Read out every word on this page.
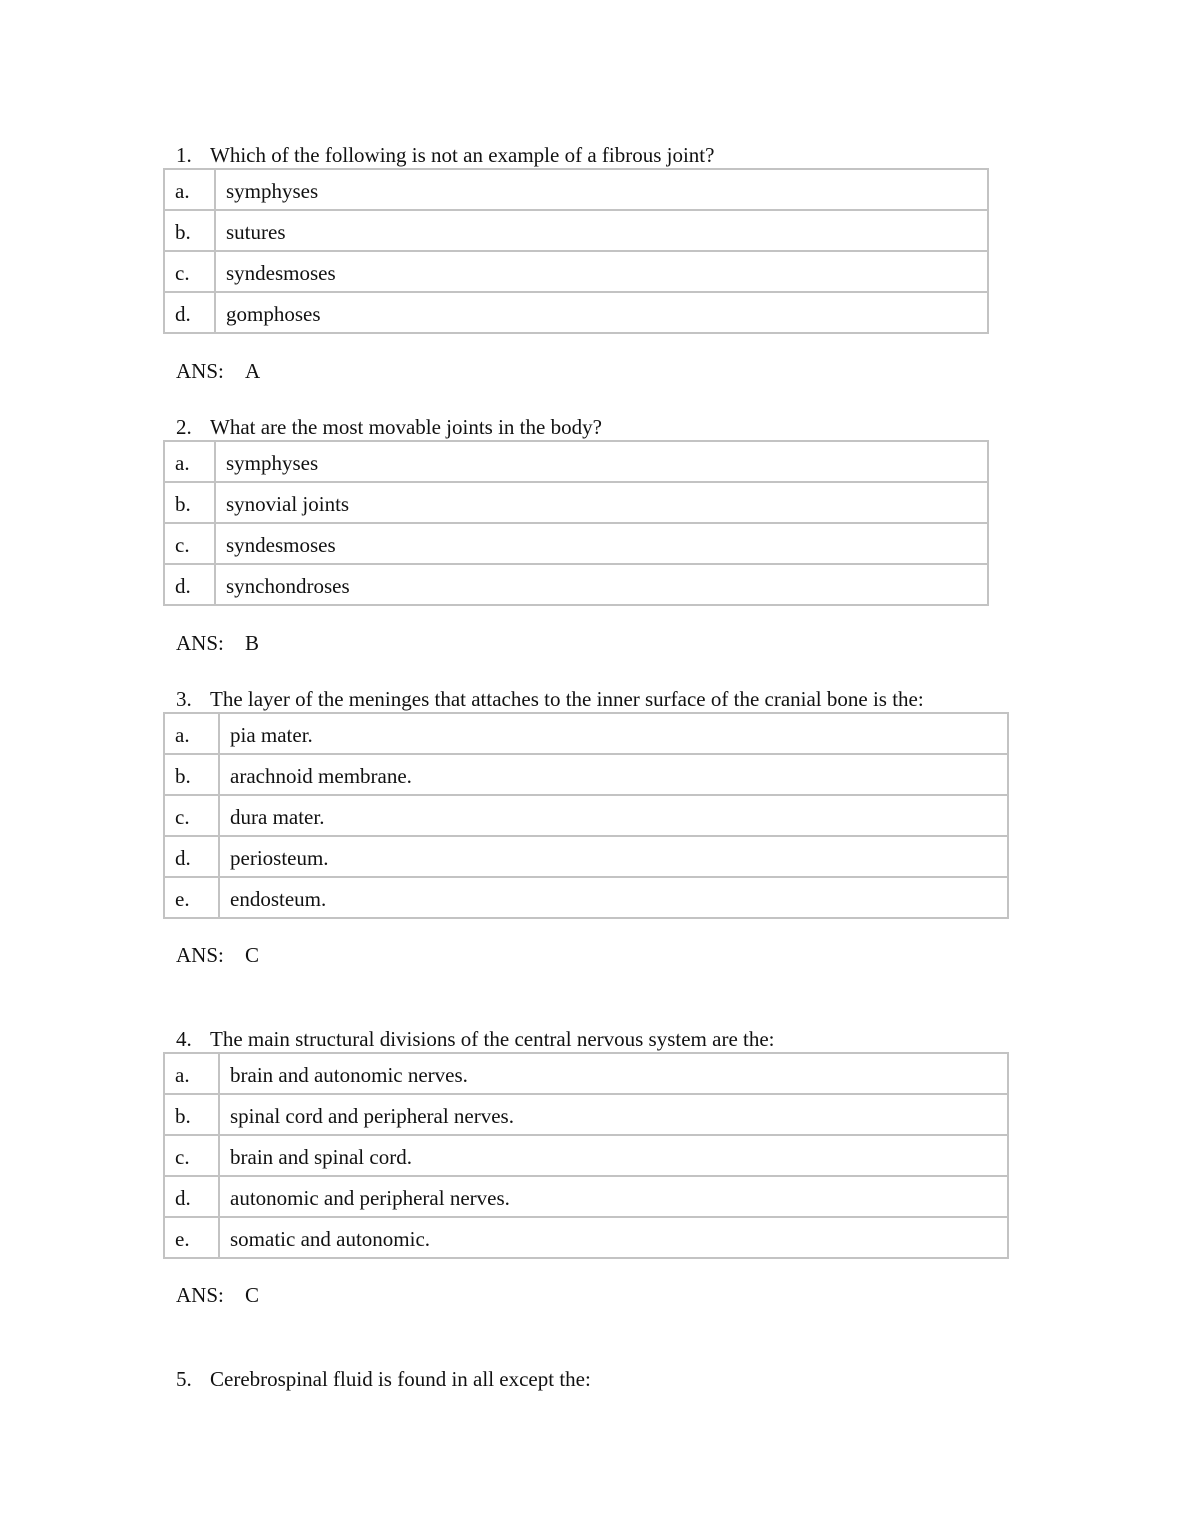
1. Which of the following is not an example of a fibrous joint?
a.	symphyses
b.	sutures
c.	syndesmoses
d.	gomphoses
ANS: A
2. What are the most movable joints in the body?
a.	symphyses
b.	synovial joints
c.	syndesmoses
d.	synchondroses
ANS: B
3. The layer of the meninges that attaches to the inner surface of the cranial bone is the:
a.	pia mater.
b.	arachnoid membrane.
c.	dura mater.
d.	periosteum.
e.	endosteum.
ANS: C
4. The main structural divisions of the central nervous system are the:
a.	brain and autonomic nerves.
b.	spinal cord and peripheral nerves.
c.	brain and spinal cord.
d.	autonomic and peripheral nerves.
e.	somatic and autonomic.
ANS: C
5. Cerebrospinal fluid is found in all except the:
